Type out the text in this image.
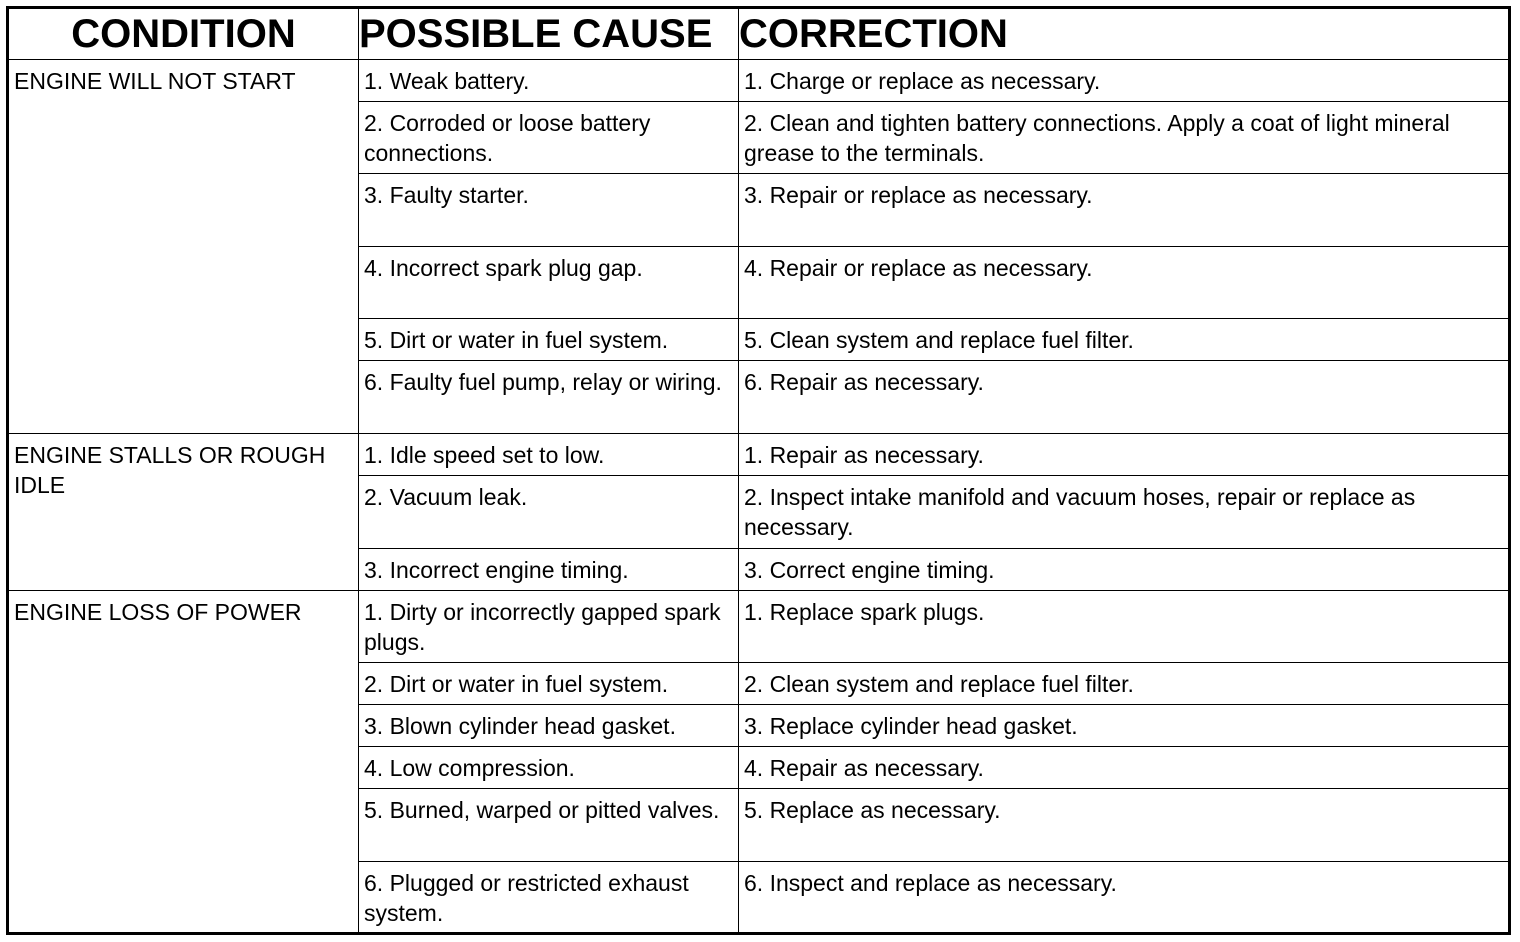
CONDITION	POSSIBLE CAUSE	CORRECTION
ENGINE WILL NOT START	1. Weak battery.	1. Charge or replace as necessary.
	2. Corroded or loose battery connections.	2. Clean and tighten battery connections. Apply a coat of light mineral grease to the terminals.
	3. Faulty starter.	3. Repair or replace as necessary.
	4. Incorrect spark plug gap.	4. Repair or replace as necessary.
	5. Dirt or water in fuel system.	5. Clean system and replace fuel filter.
	6. Faulty fuel pump, relay or wiring.	6. Repair as necessary.
ENGINE STALLS OR ROUGH IDLE	1. Idle speed set to low.	1. Repair as necessary.
	2. Vacuum leak.	2. Inspect intake manifold and vacuum hoses, repair or replace as necessary.
	3. Incorrect engine timing.	3. Correct engine timing.
ENGINE LOSS OF POWER	1. Dirty or incorrectly gapped spark plugs.	1. Replace spark plugs.
	2. Dirt or water in fuel system.	2. Clean system and replace fuel filter.
	3. Blown cylinder head gasket.	3. Replace cylinder head gasket.
	4. Low compression.	4. Repair as necessary.
	5. Burned, warped or pitted valves.	5. Replace as necessary.
	6. Plugged or restricted exhaust system.	6. Inspect and replace as necessary.
